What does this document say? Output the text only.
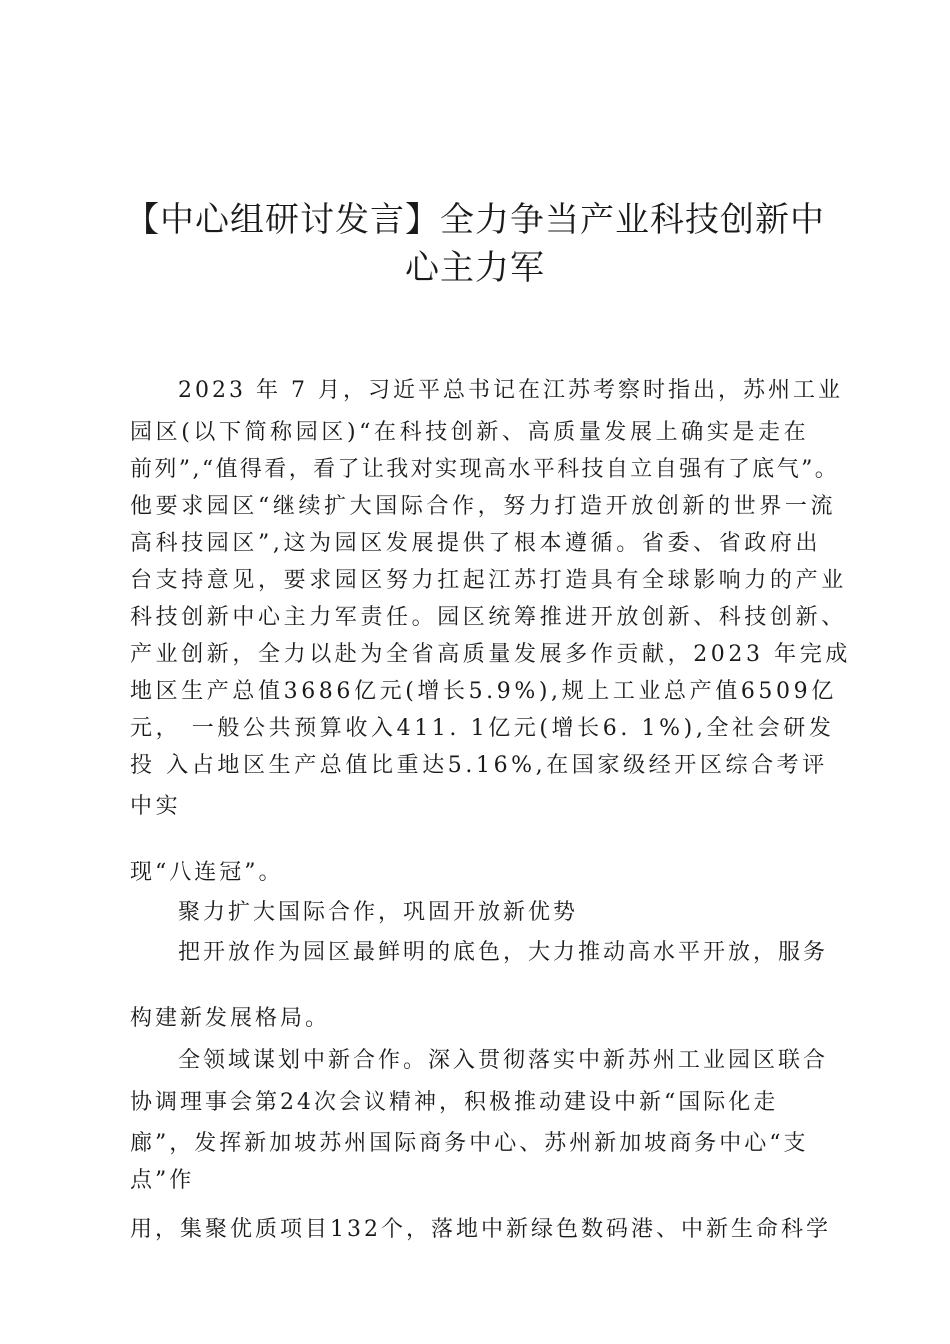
【中心组研讨发言】全力争当产业科技创新中
心主力军
2023 年 7 月，习近平总书记在江苏考察时指出，苏州工业
园区(以下简称园区)“在科技创新、高质量发展上确实是走在
前列”,“值得看，看了让我对实现高水平科技自立自强有了底气”。
他要求园区“继续扩大国际合作，努力打造开放创新的世界一流
高科技园区”,这为园区发展提供了根本遵循。省委、省政府出
台支持意见，要求园区努力扛起江苏打造具有全球影响力的产业
科技创新中心主力军责任。园区统筹推进开放创新、科技创新、
产业创新，全力以赴为全省高质量发展多作贡献，2023 年完成
地区生产总值3686亿元(增长5.9%),规上工业总产值6509亿
元， 一般公共预算收入411. 1亿元(增长6. 1%),全社会研发
投 入占地区生产总值比重达5.16%,在国家级经开区综合考评
中实
现“八连冠”。
聚力扩大国际合作，巩固开放新优势
把开放作为园区最鲜明的底色，大力推动高水平开放，服务
构建新发展格局。
全领域谋划中新合作。深入贯彻落实中新苏州工业园区联合
协调理事会第24次会议精神，积极推动建设中新“国际化走
廊”，发挥新加坡苏州国际商务中心、苏州新加坡商务中心“支
点”作
用，集聚优质项目132个，落地中新绿色数码港、中新生命科学
